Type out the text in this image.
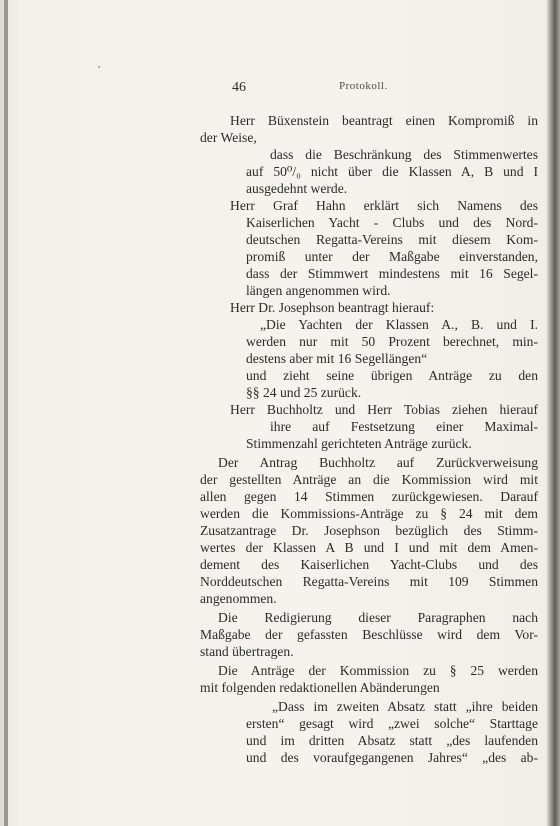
46	Protokoll.
Herr Büxenstein beantragt einen Kompromiß in
der Weise,
dass die Beschränkung des Stimmenwertes
auf 50⁰/₀ nicht über die Klassen A, B und I
ausgedehnt werde.
Herr Graf Hahn erklärt sich Namens des
Kaiserlichen Yacht - Clubs und des Nord-
deutschen Regatta-Vereins mit diesem Kom-
promiß unter der Maßgabe einverstanden,
dass der Stimmwert mindestens mit 16 Segel-
längen angenommen wird.
Herr Dr. Josephson beantragt hierauf:
„Die Yachten der Klassen A., B. und I.
werden nur mit 50 Prozent berechnet, min-
destens aber mit 16 Segellängen“
und zieht seine übrigen Anträge zu den
§§ 24 und 25 zurück.
Herr Buchholtz und Herr Tobias ziehen hierauf
ihre auf Festsetzung einer Maximal-
Stimmenzahl gerichteten Anträge zurück.
Der Antrag Buchholtz auf Zurückverweisung
der gestellten Anträge an die Kommission wird mit
allen gegen 14 Stimmen zurückgewiesen. Darauf
werden die Kommissions-Anträge zu § 24 mit dem
Zusatzantrage Dr. Josephson bezüglich des Stimm-
wertes der Klassen A B und I und mit dem Amen-
dement des Kaiserlichen Yacht-Clubs und des
Norddeutschen Regatta-Vereins mit 109 Stimmen
angenommen.
Die Redigierung dieser Paragraphen nach
Maßgabe der gefassten Beschlüsse wird dem Vor-
stand übertragen.
Die Anträge der Kommission zu § 25 werden
mit folgenden redaktionellen Abänderungen
„Dass im zweiten Absatz statt „ihre beiden
ersten“ gesagt wird „zwei solche“ Starttage
und im dritten Absatz statt „des laufenden
und des voraufgegangenen Jahres“ „des ab-
